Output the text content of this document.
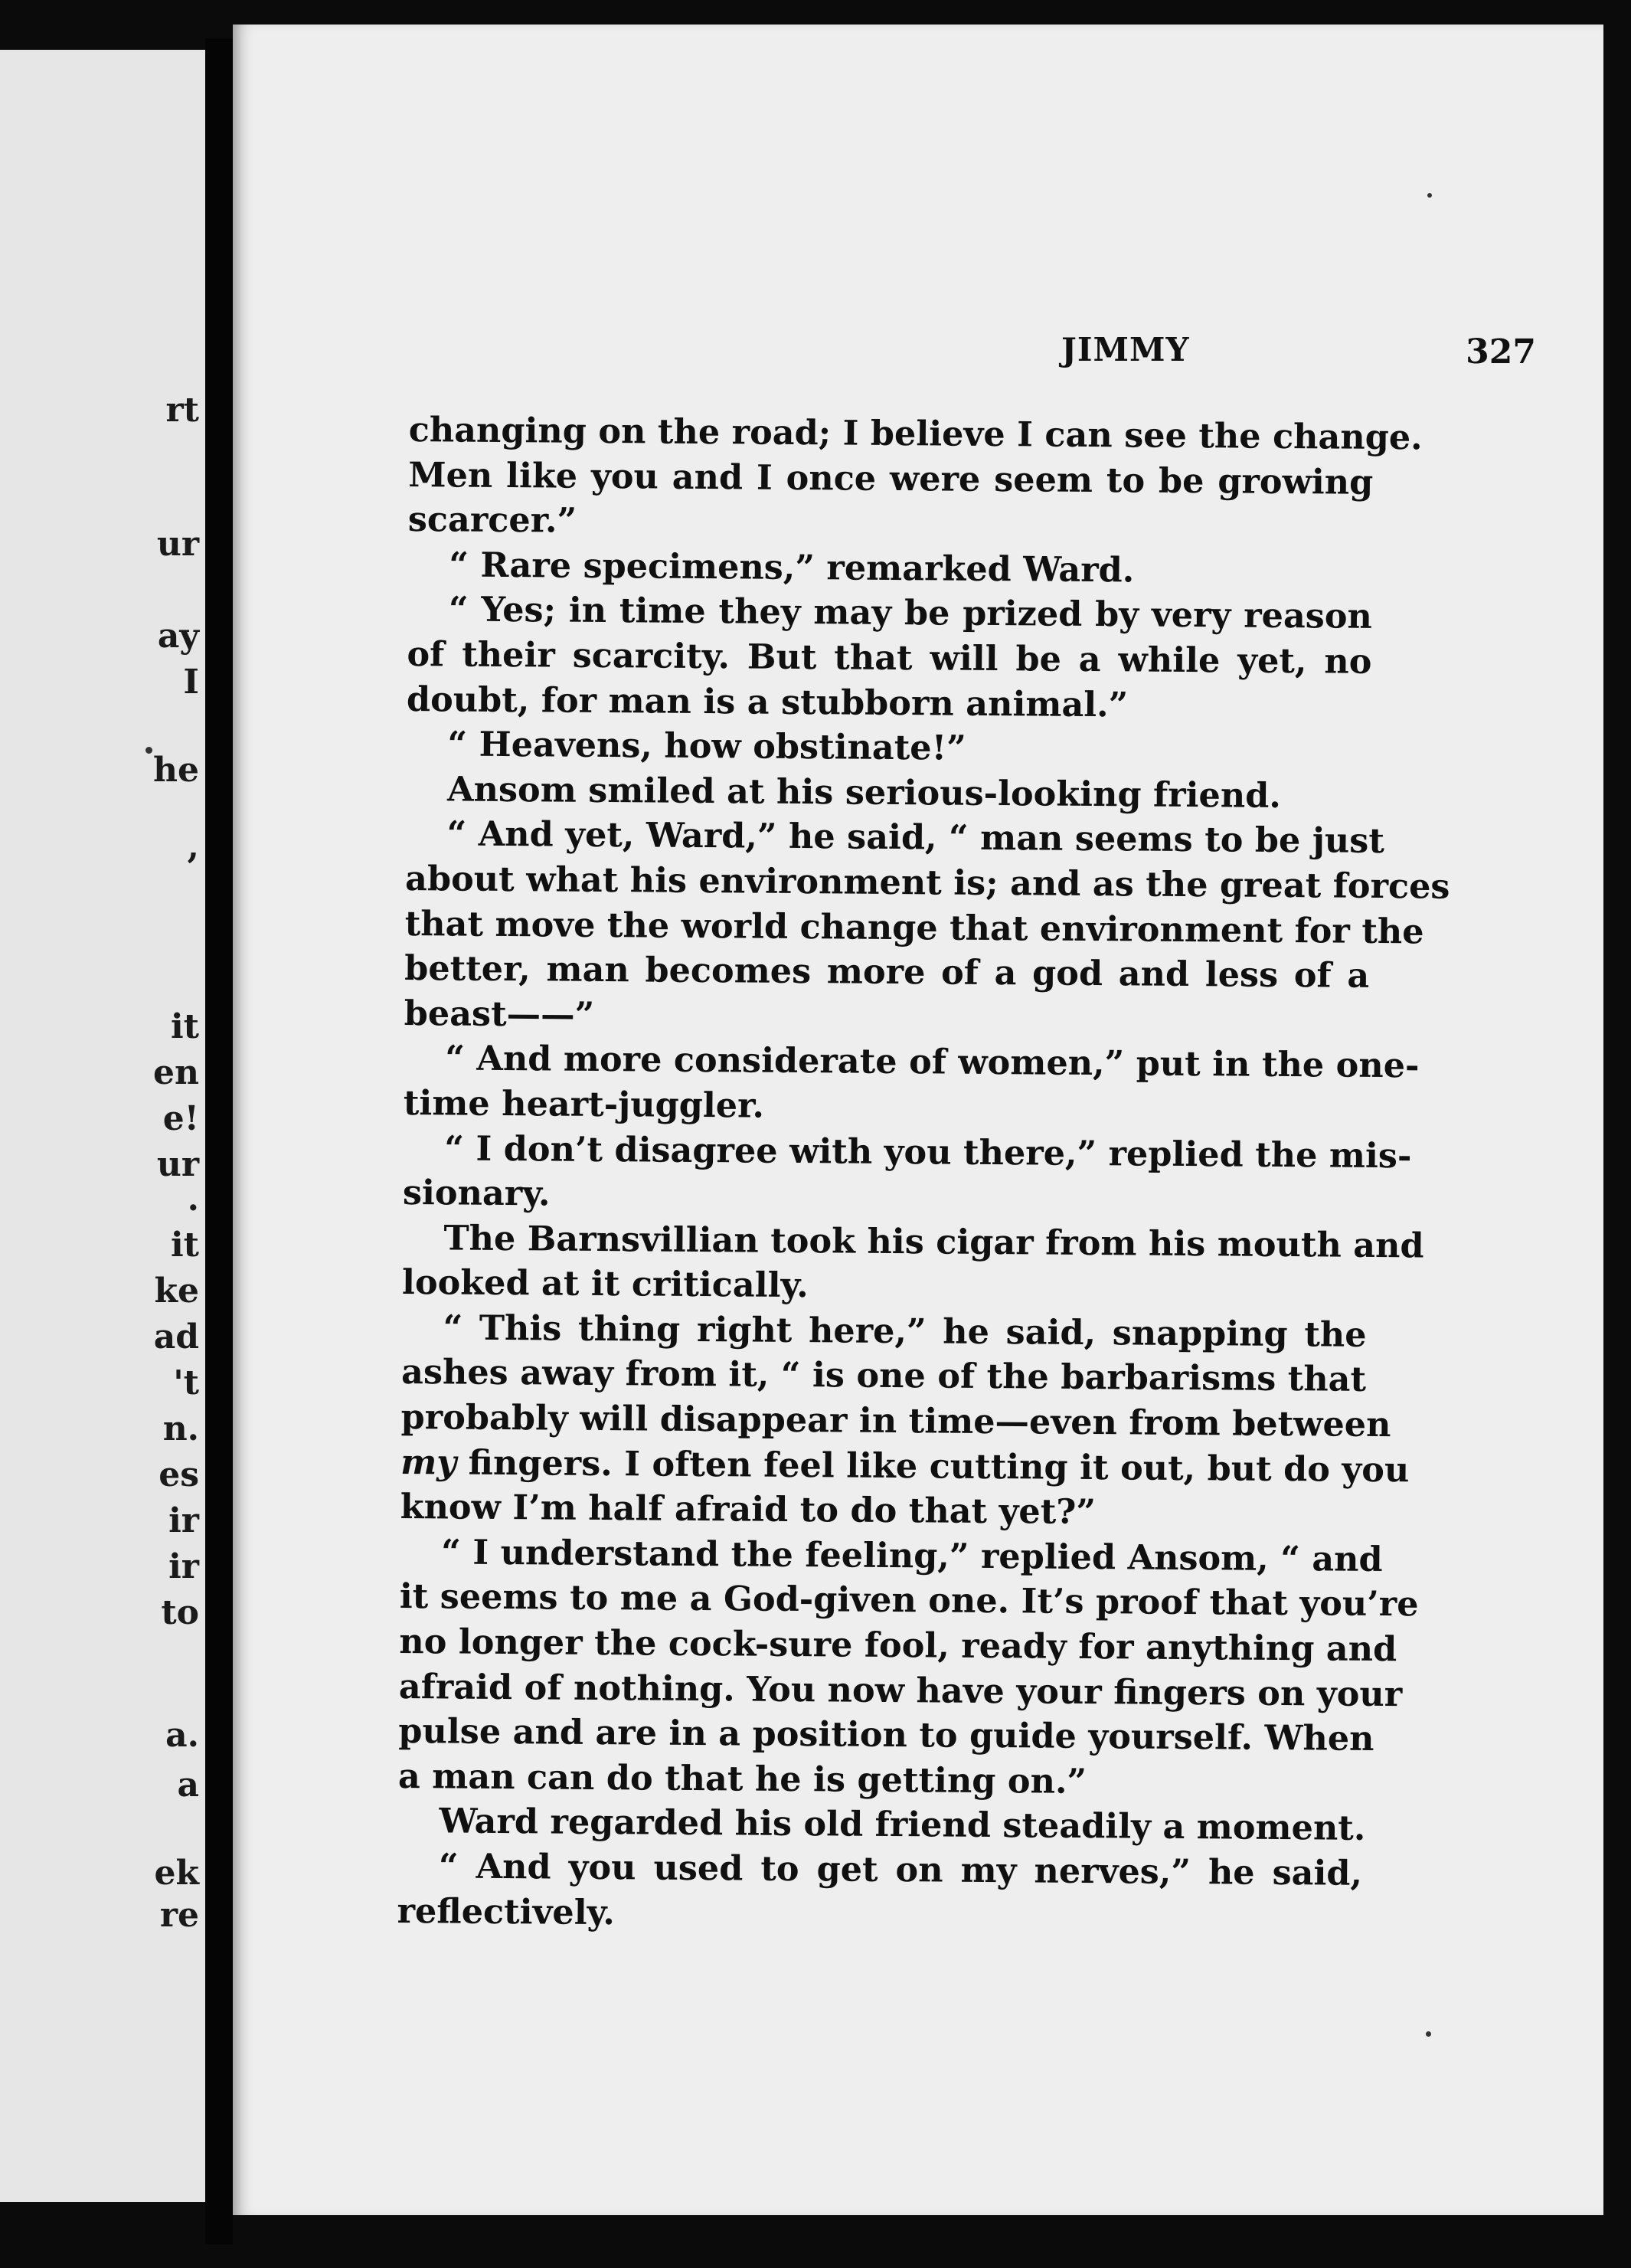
rt
ur
ay
I
he
,
it
en
e!
ur
.
it
ke
ad
't
n.
es
ir
ir
to
a.
a
ek
re
JIMMY	327
changing on the road; I believe I can see the change.
Men like you and I once were seem to be growing
scarcer.”
“ Rare specimens,” remarked Ward.
“ Yes; in time they may be prized by very reason
of their scarcity. But that will be a while yet, no
doubt, for man is a stubborn animal.”
“ Heavens, how obstinate!”
Ansom smiled at his serious-looking friend.
“ And yet, Ward,” he said, “ man seems to be just
about what his environment is; and as the great forces
that move the world change that environment for the
better, man becomes more of a god and less of a
beast——”
“ And more considerate of women,” put in the one-
time heart-juggler.
“ I don’t disagree with you there,” replied the mis-
sionary.
The Barnsvillian took his cigar from his mouth and
looked at it critically.
“ This thing right here,” he said, snapping the
ashes away from it, “ is one of the barbarisms that
probably will disappear in time—even from between
my fingers. I often feel like cutting it out, but do you
know I’m half afraid to do that yet?”
“ I understand the feeling,” replied Ansom, “ and
it seems to me a God-given one. It’s proof that you’re
no longer the cock-sure fool, ready for anything and
afraid of nothing. You now have your fingers on your
pulse and are in a position to guide yourself. When
a man can do that he is getting on.”
Ward regarded his old friend steadily a moment.
“ And you used to get on my nerves,” he said,
reflectively.
